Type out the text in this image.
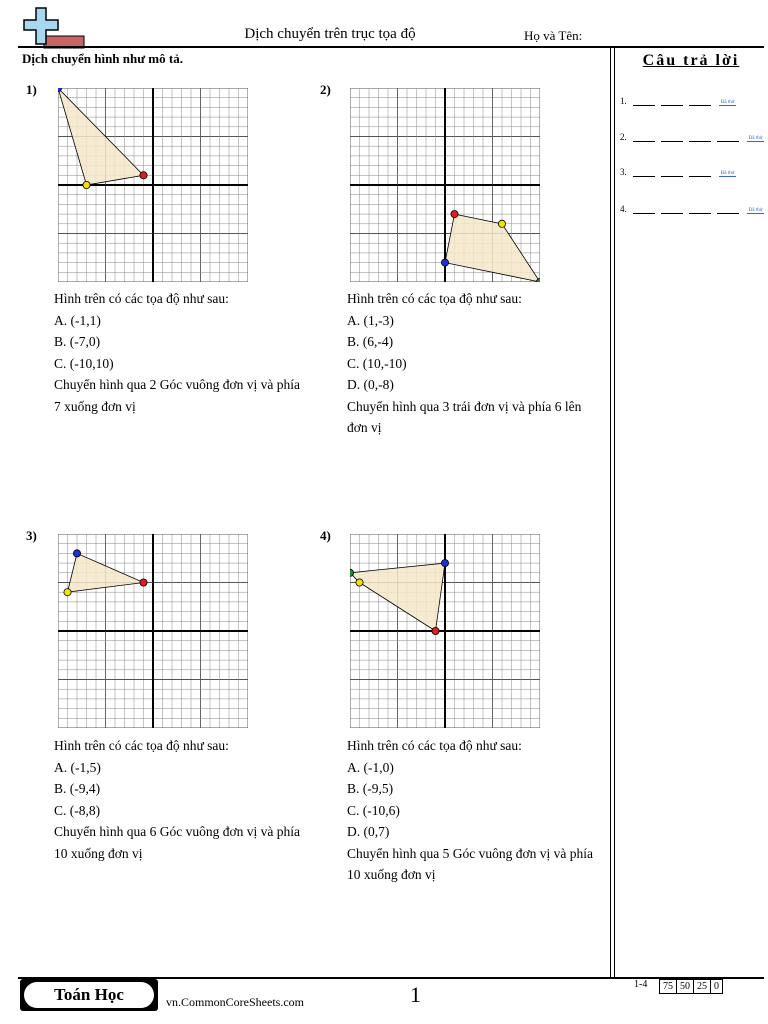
Dịch chuyển trên trục tọa độ	Họ và Tên:
Dịch chuyển hình như mô tả.	Câu trả lời
1.	Đã thử
2.	Đã thử
3.	Đã thử
4.	Đã thử
1)
Hình trên có các tọa độ như sau:
A. (-1,1)
B. (-7,0)
C. (-10,10)
Chuyển hình qua 2 Góc vuông đơn vị và phía 7 xuống đơn vị
2)
Hình trên có các tọa độ như sau:
A. (1,-3)
B. (6,-4)
C. (10,-10)
D. (0,-8)
Chuyển hình qua 3 trái đơn vị và phía 6 lên đơn vị
3)
Hình trên có các tọa độ như sau:
A. (-1,5)
B. (-9,4)
C. (-8,8)
Chuyển hình qua 6 Góc vuông đơn vị và phía 10 xuống đơn vị
4)
Hình trên có các tọa độ như sau:
A. (-1,0)
B. (-9,5)
C. (-10,6)
D. (0,7)
Chuyển hình qua 5 Góc vuông đơn vị và phía 10 xuống đơn vị
Toán Học	vn.CommonCoreSheets.com	1	1-4	75 50 25 0
